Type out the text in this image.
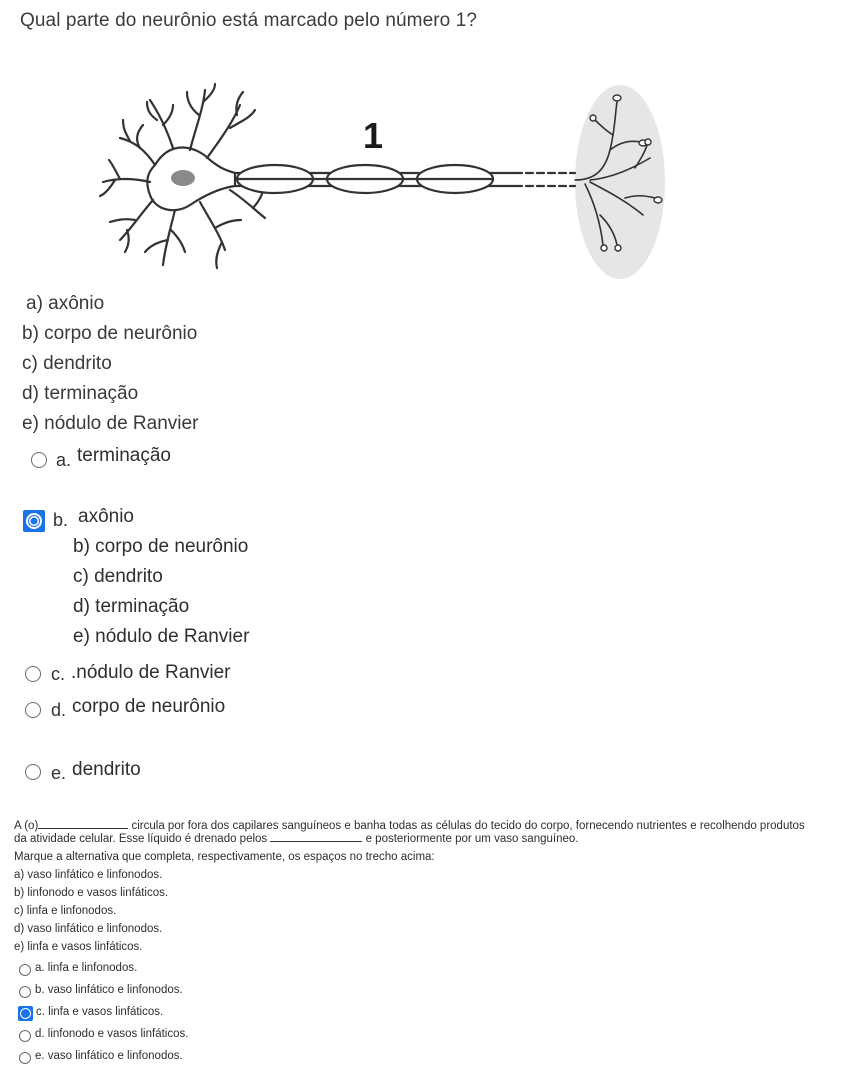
Qual parte do neurônio está marcado pelo número 1?
1
a) axônio
b) corpo de neurônio
c) dendrito
d) terminação
e) nódulo de Ranvier
a. terminação
b. axônio
b) corpo de neurônio
c) dendrito
d) terminação
e) nódulo de Ranvier
c. .nódulo de Ranvier
d. corpo de neurônio
e. dendrito
A (o)	circula por fora dos capilares sanguíneos e banha todas as células do tecido do corpo, fornecendo nutrientes e recolhendo produtos
da atividade celular. Esse líquido é drenado pelos	e posteriormente por um vaso sanguíneo.
Marque a alternativa que completa, respectivamente, os espaços no trecho acima:
a) vaso linfático e linfonodos.
b) linfonodo e vasos linfáticos.
c) linfa e linfonodos.
d) vaso linfático e linfonodos.
e) linfa e vasos linfáticos.
a. linfa e linfonodos.
b. vaso linfático e linfonodos.
c. linfa e vasos linfáticos.
d. linfonodo e vasos linfáticos.
e. vaso linfático e linfonodos.
